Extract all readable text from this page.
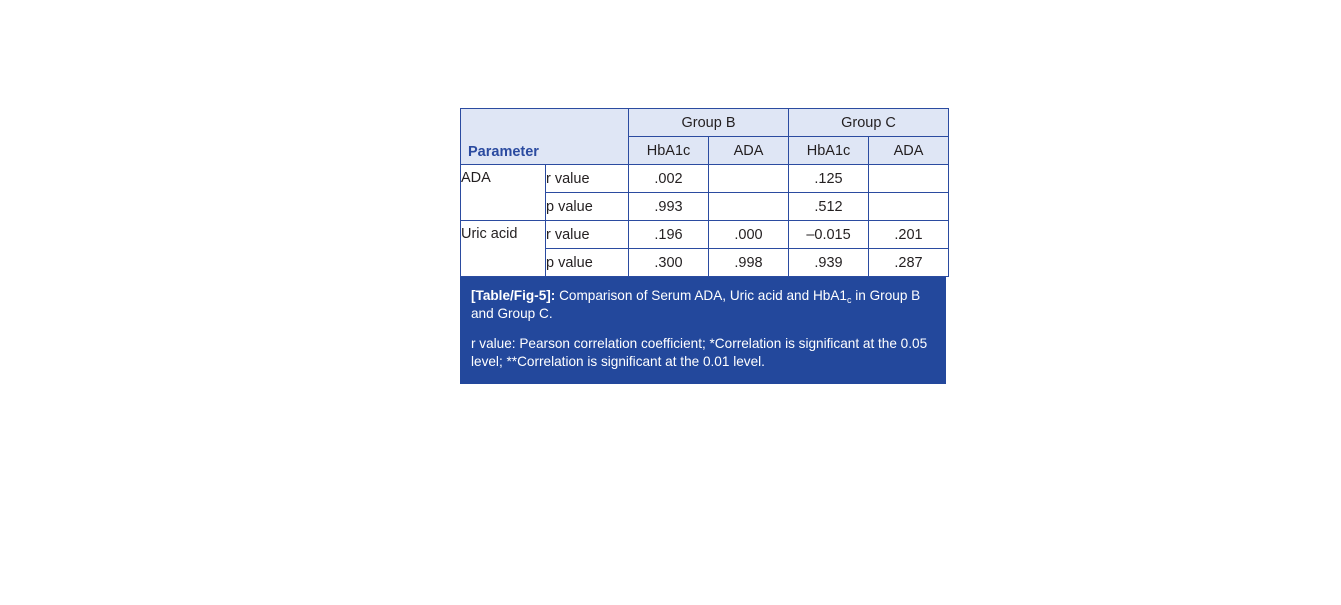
Parameter		Group B		Group C	
		HbA1c	ADA	HbA1c	ADA
ADA	r value	.002		.125	
	p value	.993		.512	
Uric acid	r value	.196	.000	–0.015	.201
	p value	.300	.998	.939	.287

[Table/Fig-5]: Comparison of Serum ADA, Uric acid and $HbA1_c$ in Group B and Group C.

r value: Pearson correlation coefficient; *Correlation is significant at the 0.05 level; **Correlation is significant at the 0.01 level.
